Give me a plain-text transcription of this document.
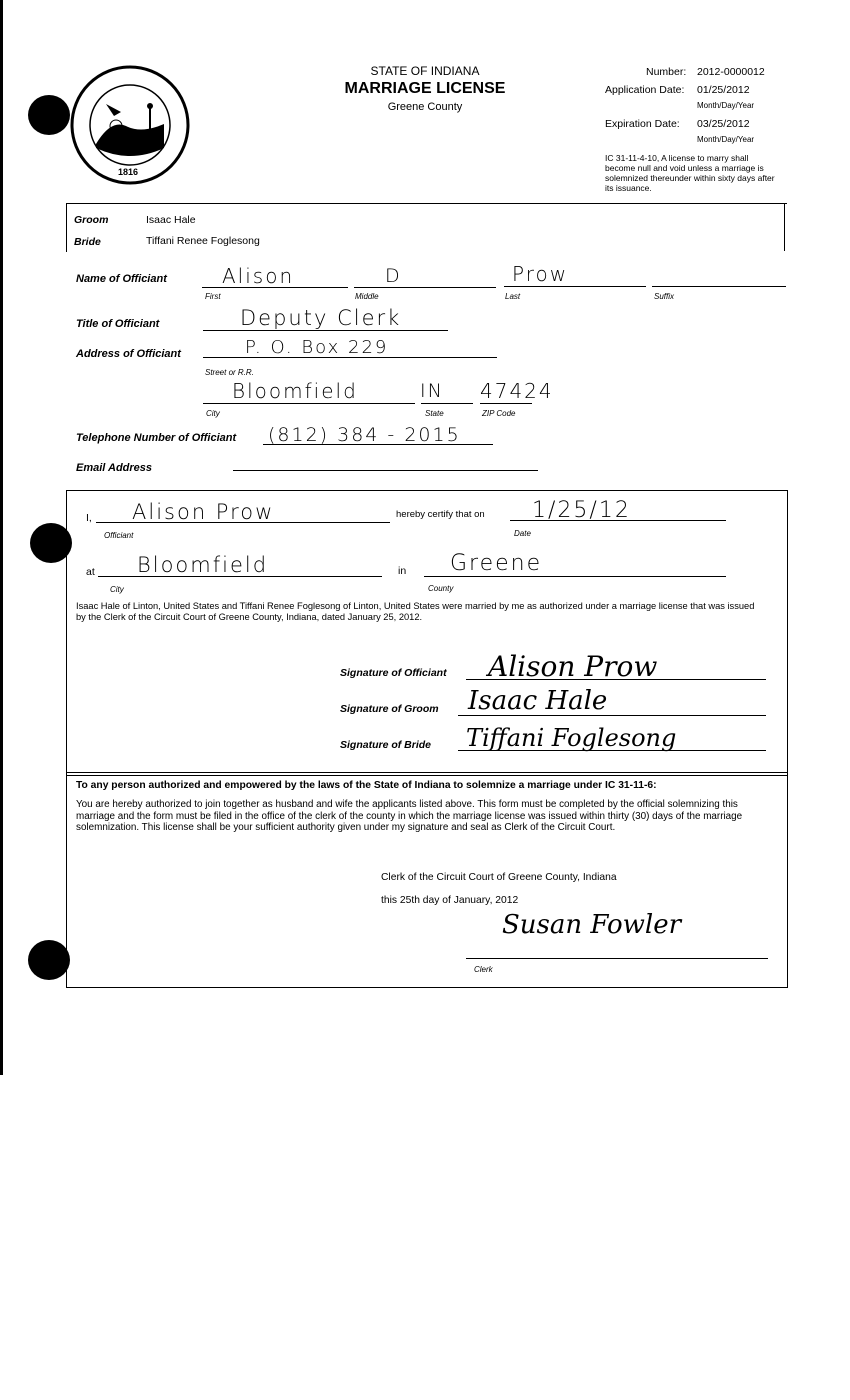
1816
STATE OF INDIANA
MARRIAGE LICENSE
Greene County
Number: 2012-0000012
Application Date: 01/25/2012
Month/Day/Year
Expiration Date: 03/25/2012
Month/Day/Year
IC 31-11-4-10, A license to marry shall become null and void unless a marriage is solemnized thereunder within sixty days after its issuance.
Groom	Isaac Hale
Bride	Tiffani Renee Foglesong
Name of Officiant	Alison	D	Prow
First	Middle	Last	Suffix
Title of Officiant	Deputy Clerk
Address of Officiant	P. O. Box 229
Street or R.R.
Bloomfield	IN 47424
City	State	ZIP Code
Telephone Number of Officiant (812) 384 - 2015
Email Address
I, Alison Prow
Officiant
hereby certify that on 1/25/12
Date
at Bloomfield
City
in Greene
County
Isaac Hale of Linton, United States and Tiffani Renee Foglesong of Linton, United States were married by me as authorized under a marriage license that was issued by the Clerk of the Circuit Court of Greene County, Indiana, dated January 25, 2012.
Signature of Officiant Alison Prow
Signature of Groom Isaac Hale
Signature of Bride Tiffani Foglesong
To any person authorized and empowered by the laws of the State of Indiana to solemnize a marriage under IC 31-11-6:
You are hereby authorized to join together as husband and wife the applicants listed above. This form must be completed by the official solemnizing this marriage and the form must be filed in the office of the clerk of the county in which the marriage license was issued within thirty (30) days of the marriage solemnization. This license shall be your sufficient authority given under my signature and seal as Clerk of the Circuit Court.
Clerk of the Circuit Court of Greene County, Indiana
this 25th day of January, 2012
Susan Fowler
Clerk
